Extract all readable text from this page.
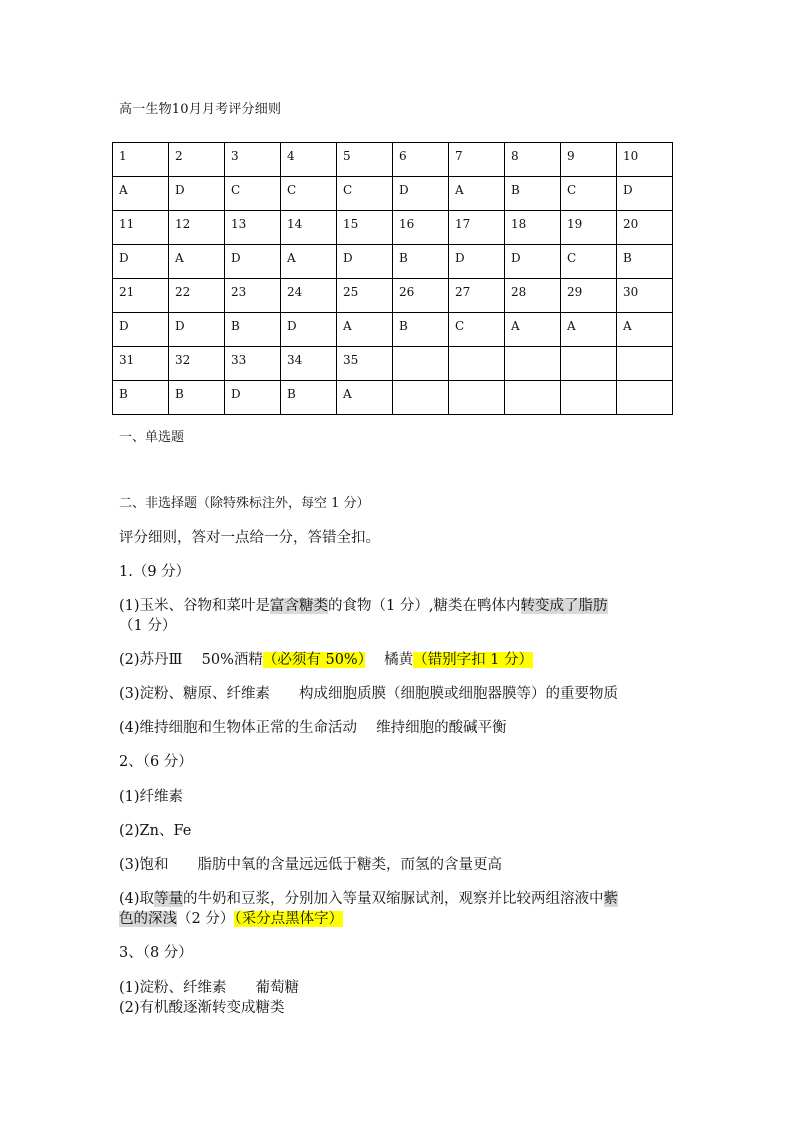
高一生物10月月考评分细则
1	2	3	4	5	6	7	8	9	10
A	D	C	C	C	D	A	B	C	D
11	12	13	14	15	16	17	18	19	20
D	A	D	A	D	B	D	D	C	B
21	22	23	24	25	26	27	28	29	30
D	D	B	D	A	B	C	A	A	A
31	32	33	34	35					
B	B	D	B	A					
一、单选题
二、非选择题（除特殊标注外，每空 1 分）
评分细则，答对一点给一分，答错全扣。
1.（9 分）
(1)玉米、谷物和菜叶是富含糖类的食物（1 分）,糖类在鸭体内转变成了脂肪
（1 分）
(2)苏丹Ⅲ　 50%酒精（必须有 50%）　 橘黄（错别字扣 1 分）
(3)淀粉、糖原、纤维素　　构成细胞质膜（细胞膜或细胞器膜等）的重要物质
(4)维持细胞和生物体正常的生命活动　 维持细胞的酸碱平衡
2、（6 分）
(1)纤维素
(2)Zn、Fe
(3)饱和　　脂肪中氧的含量远远低于糖类，而氢的含量更高
(4)取等量的牛奶和豆浆，分别加入等量双缩脲试剂，观察并比较两组溶液中紫
色的深浅（2 分）（采分点黑体字）
3、（8 分）
(1)淀粉、纤维素　　葡萄糖
(2)有机酸逐渐转变成糖类
